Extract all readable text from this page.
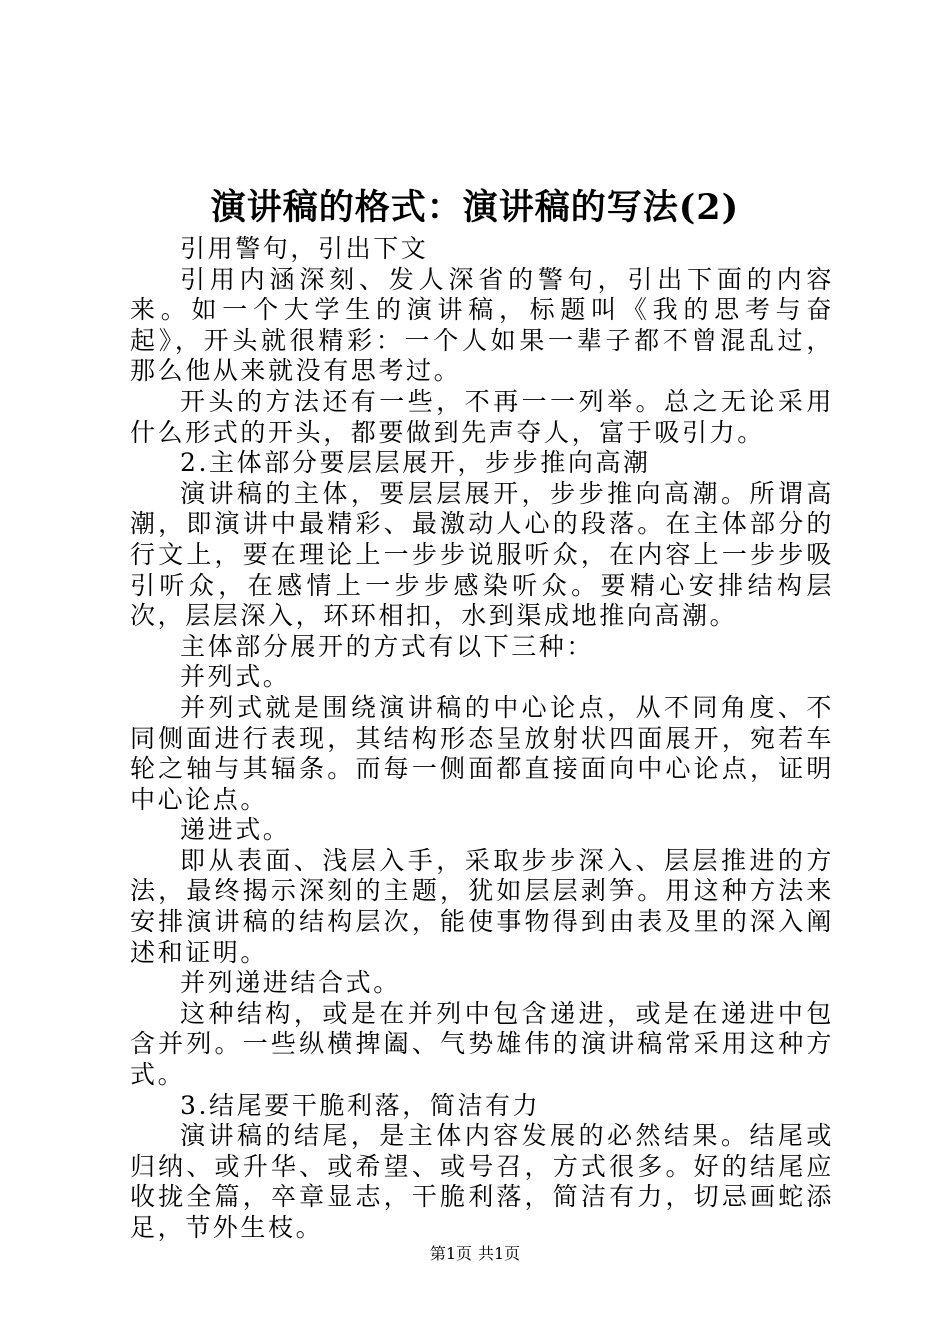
演讲稿的格式：演讲稿的写法(2)

引用警句，引出下文

引用内涵深刻、发人深省的警句，引出下面的内容来。如一个大学生的演讲稿，标题叫《我的思考与奋起》，开头就很精彩：一个人如果一辈子都不曾混乱过，那么他从来就没有思考过。

开头的方法还有一些，不再一一列举。总之无论采用什么形式的开头，都要做到先声夺人，富于吸引力。

2.主体部分要层层展开，步步推向高潮

演讲稿的主体，要层层展开，步步推向高潮。所谓高潮，即演讲中最精彩、最激动人心的段落。在主体部分的行文上，要在理论上一步步说服听众，在内容上一步步吸引听众，在感情上一步步感染听众。要精心安排结构层次，层层深入，环环相扣，水到渠成地推向高潮。

主体部分展开的方式有以下三种：

并列式。

并列式就是围绕演讲稿的中心论点，从不同角度、不同侧面进行表现，其结构形态呈放射状四面展开，宛若车轮之轴与其辐条。而每一侧面都直接面向中心论点，证明中心论点。

递进式。

即从表面、浅层入手，采取步步深入、层层推进的方法，最终揭示深刻的主题，犹如层层剥笋。用这种方法来安排演讲稿的结构层次，能使事物得到由表及里的深入阐述和证明。

并列递进结合式。

这种结构，或是在并列中包含递进，或是在递进中包含并列。一些纵横捭阖、气势雄伟的演讲稿常采用这种方式。

3.结尾要干脆利落，简洁有力

演讲稿的结尾，是主体内容发展的必然结果。结尾或归纳、或升华、或希望、或号召，方式很多。好的结尾应收拢全篇，卒章显志，干脆利落，简洁有力，切忌画蛇添足，节外生枝。

第1页 共1页
